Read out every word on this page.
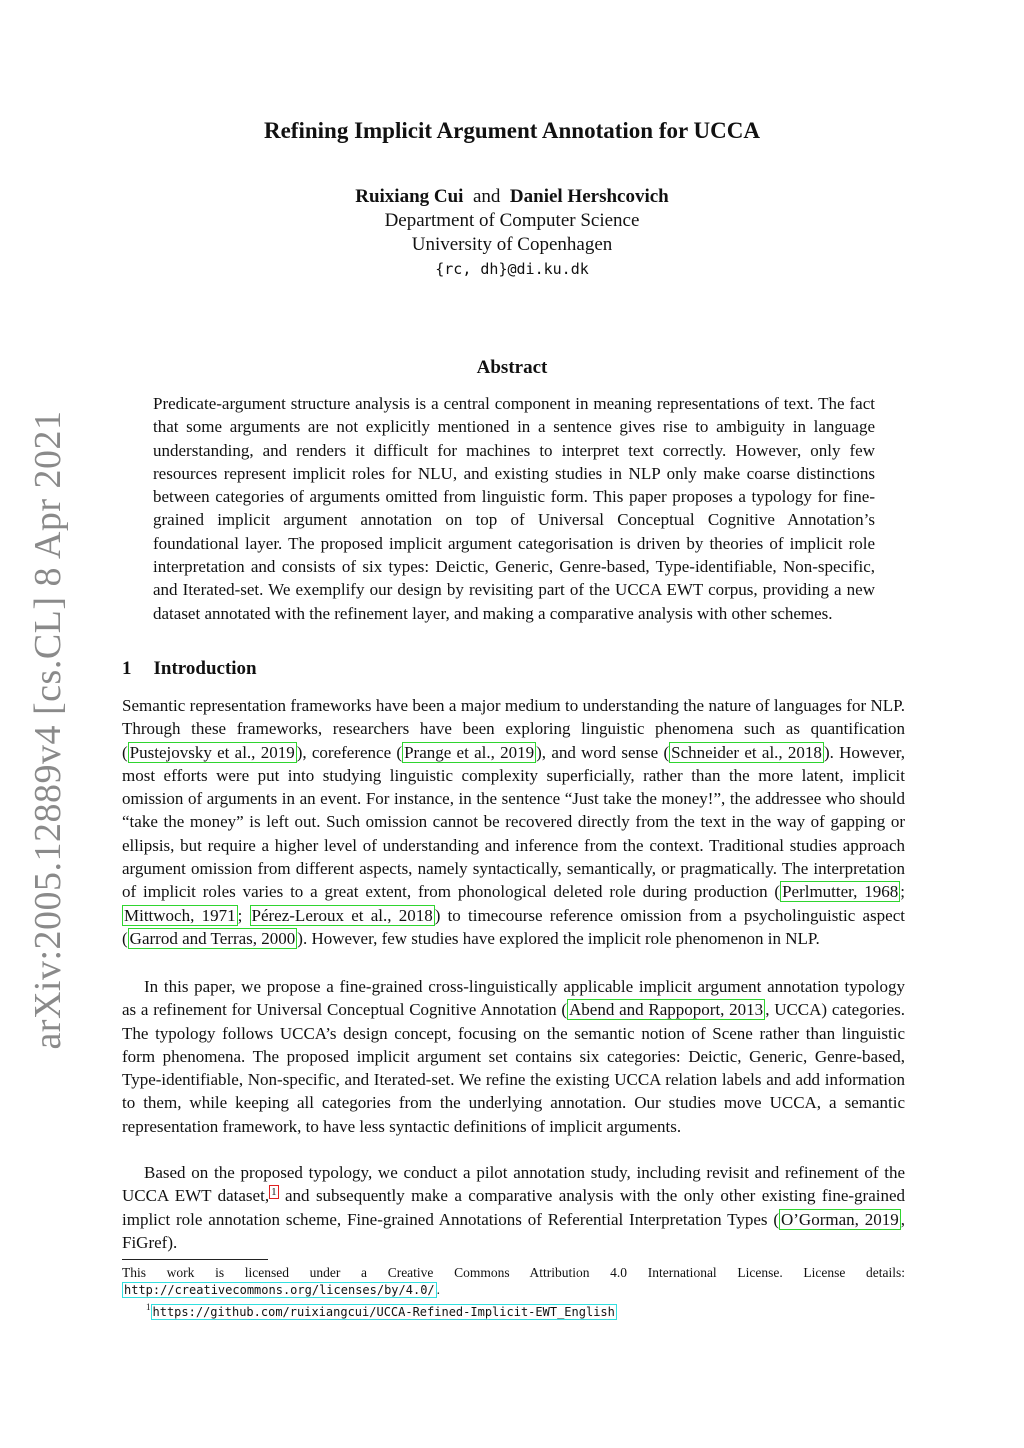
arXiv:2005.12889v4 [cs.CL] 8 Apr 2021
Refining Implicit Argument Annotation for UCCA
Ruixiang Cui and Daniel Hershcovich
Department of Computer Science
University of Copenhagen
{rc, dh}@di.ku.dk
Abstract
Predicate-argument structure analysis is a central component in meaning representations of text. The fact that some arguments are not explicitly mentioned in a sentence gives rise to ambiguity in language understanding, and renders it difficult for machines to interpret text correctly. However, only few resources represent implicit roles for NLU, and existing studies in NLP only make coarse distinctions between categories of arguments omitted from linguistic form. This paper proposes a typology for fine-grained implicit argument annotation on top of Universal Conceptual Cognitive Annotation’s foundational layer. The proposed implicit argument categorisation is driven by theories of implicit role interpretation and consists of six types: Deictic, Generic, Genre-based, Type-identifiable, Non-specific, and Iterated-set. We exemplify our design by revisiting part of the UCCA EWT corpus, providing a new dataset annotated with the refinement layer, and making a comparative analysis with other schemes.
1 Introduction

Semantic representation frameworks have been a major medium to understanding the nature of languages for NLP. Through these frameworks, researchers have been exploring linguistic phenomena such as quantification ( Pustejovsky et al., 2019 ), coreference ( Prange et al., 2019 ), and word sense ( Schneider et al., 2018 ). However, most efforts were put into studying linguistic complexity superficially, rather than the more latent, implicit omission of arguments in an event. For instance, in the sentence “Just take the money!”, the addressee who should “take the money” is left out. Such omission cannot be recovered directly from the text in the way of gapping or ellipsis, but require a higher level of understanding and inference from the context. Traditional studies approach argument omission from different aspects, namely syntactically, semantically, or pragmatically. The interpretation of implicit roles varies to a great extent, from phonological deleted role during production ( Perlmutter, 1968 ; Mittwoch, 1971 ; Pérez-Leroux et al., 2018 ) to timecourse reference omission from a psycholinguistic aspect ( Garrod and Terras, 2000 ). However, few studies have explored the implicit role phenomenon in NLP.

In this paper, we propose a fine-grained cross-linguistically applicable implicit argument annotation typology as a refinement for Universal Conceptual Cognitive Annotation ( Abend and Rappoport, 2013 , UCCA) categories. The typology follows UCCA’s design concept, focusing on the semantic notion of Scene rather than linguistic form phenomena. The proposed implicit argument set contains six categories: Deictic, Generic, Genre-based, Type-identifiable, Non-specific, and Iterated-set. We refine the existing UCCA relation labels and add information to them, while keeping all categories from the underlying annotation. Our studies move UCCA, a semantic representation framework, to have less syntactic definitions of implicit arguments.

Based on the proposed typology, we conduct a pilot annotation study, including revisit and refinement of the UCCA EWT dataset, $^1$ and subsequently make a comparative analysis with the only other existing fine-grained implict role annotation scheme, Fine-grained Annotations of Referential Interpretation Types ( O’Gorman, 2019 , FiGref).

This work is licensed under a Creative Commons Attribution 4.0 International License. License details: http://creativecommons.org/licenses/by/4.0/ .
$^1$ https://github.com/ruixiangcui/UCCA-Refined-Implicit-EWT_English
